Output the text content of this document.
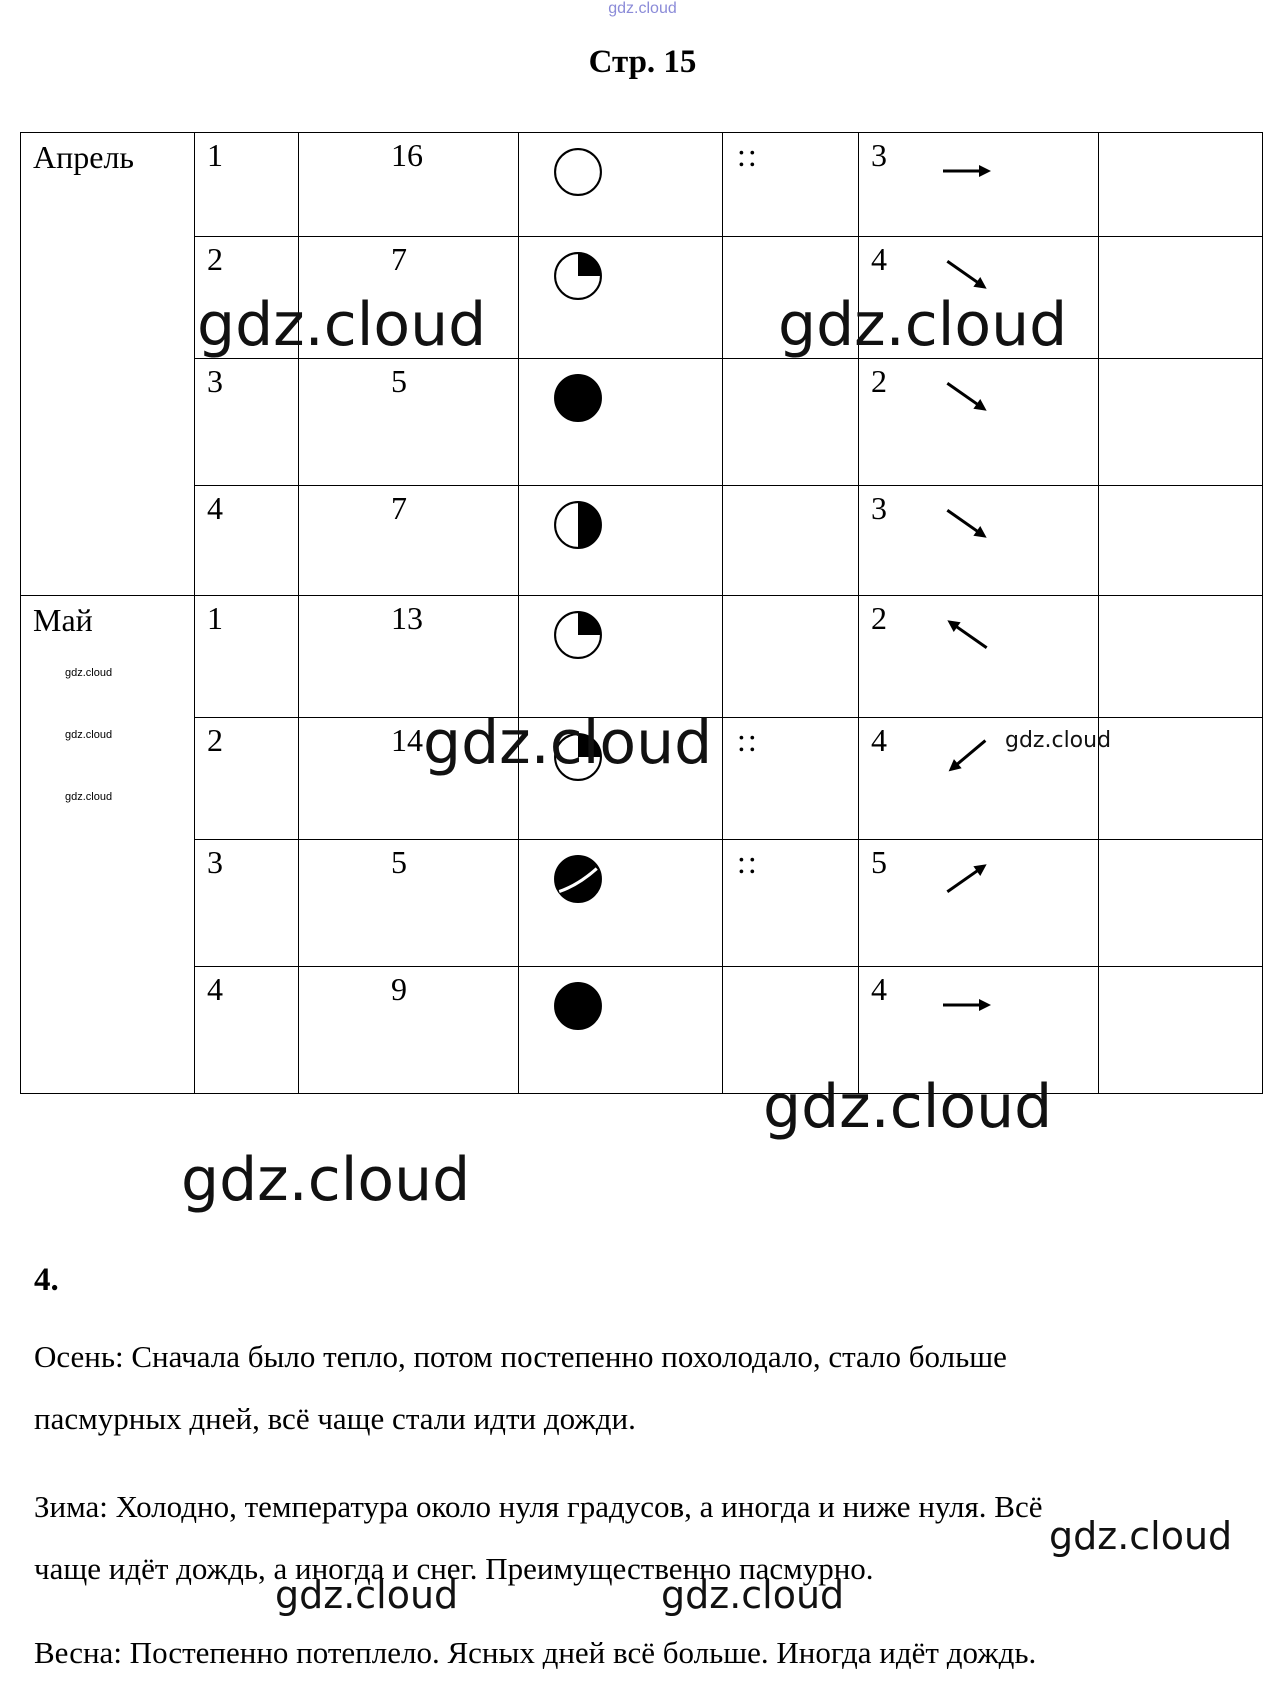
gdz.cloud
Стр. 15
Апрель	1	16		::	3

	2	7			4

	3	5			2

	4	7			3

Май
gdz.cloud
gdz.cloud
gdz.cloud	1	13			2

	2	14		::	4

	3	5		::	5

	4	9			4

gdz.cloud	gdz.cloud
gdz.cloud	gdz.cloud
gdz.cloud
gdz.cloud
gdz.cloud
gdz.cloud	gdz.cloud
4.
Осень: Сначала было тепло, потом постепенно похолодало, стало больше
пасмурных дней, всё чаще стали идти дожди.
Зима: Холодно, температура около нуля градусов, а иногда и ниже нуля. Всё
чаще идёт дождь, а иногда и снег. Преимущественно пасмурно.
Весна: Постепенно потеплело. Ясных дней всё больше. Иногда идёт дождь.
